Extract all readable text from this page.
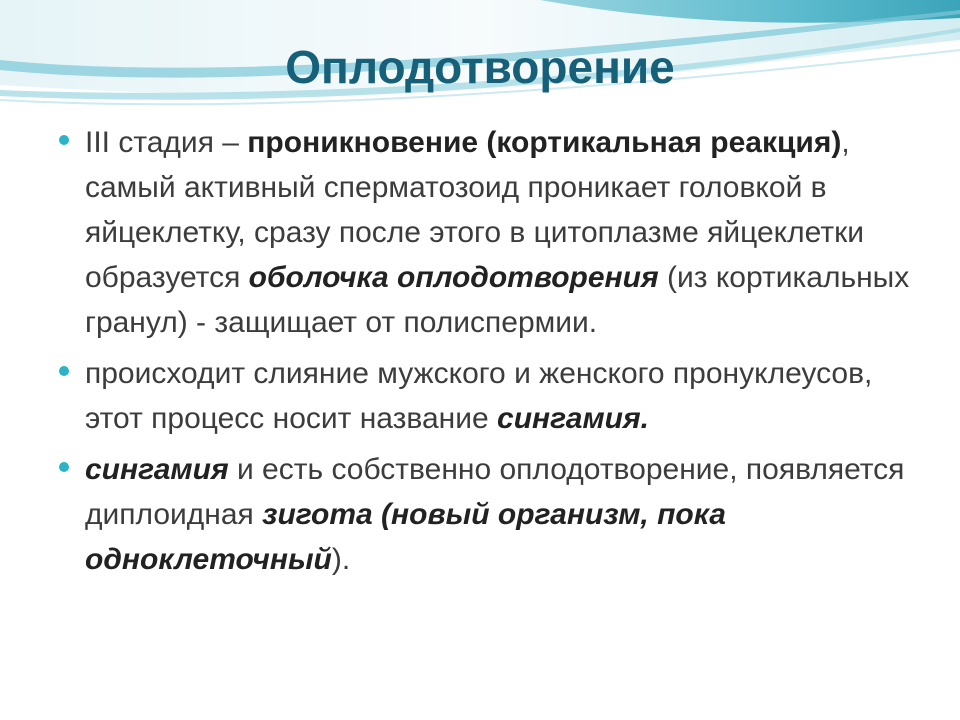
Оплодотворение
III стадия – проникновение (кортикальная реакция), самый активный сперматозоид проникает головкой в яйцеклетку, сразу после этого в цитоплазме яйцеклетки образуется оболочка оплодотворения (из кортикальных гранул) - защищает от полиспермии.
происходит слияние мужского и женского пронуклеусов, этот процесс носит название сингамия.
сингамия и есть собственно оплодотворение, появляется диплоидная зигота (новый организм, пока одноклеточный).
